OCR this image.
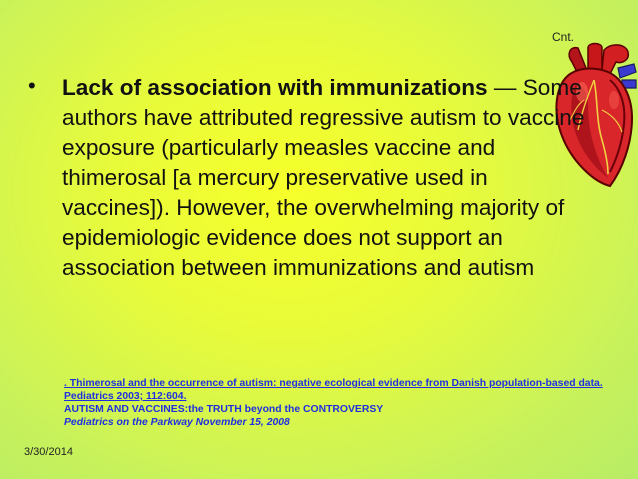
Cnt.
• Lack of association with immunizations — Some authors have attributed regressive autism to vaccine exposure (particularly measles vaccine and thimerosal [a mercury preservative used in vaccines]). However, the overwhelming majority of epidemiologic evidence does not support an association between immunizations and autism
. Thimerosal and the occurrence of autism: negative ecological evidence from Danish population-based data.
Pediatrics 2003; 112:604.
AUTISM AND VACCINES:the TRUTH beyond the CONTROVERSY
Pediatrics on the Parkway November 15, 2008
3/30/2014
